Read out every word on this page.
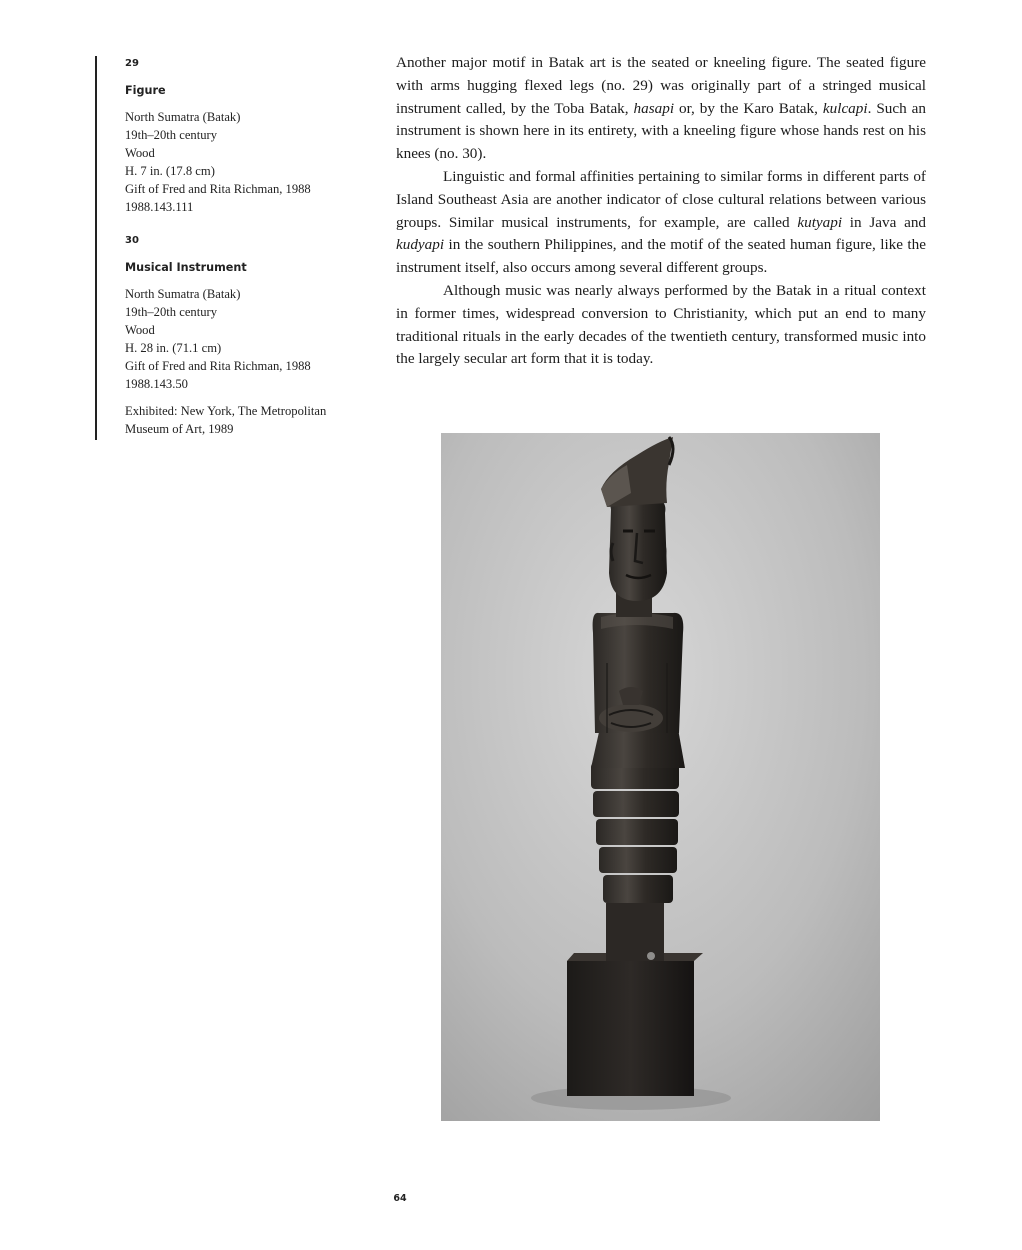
29
Figure
North Sumatra (Batak)
19th–20th century
Wood
H. 7 in. (17.8 cm)
Gift of Fred and Rita Richman, 1988
1988.143.111
30
Musical Instrument
North Sumatra (Batak)
19th–20th century
Wood
H. 28 in. (71.1 cm)
Gift of Fred and Rita Richman, 1988
1988.143.50
Exhibited: New York, The Metropolitan
Museum of Art, 1989

Another major motif in Batak art is the seated or kneeling figure. The seated figure with arms hugging flexed legs (no. 29) was originally part of a stringed musical instrument called, by the Toba Batak, hasapi or, by the Karo Batak, kulcapi. Such an instrument is shown here in its entirety, with a kneeling figure whose hands rest on his knees (no. 30).

Linguistic and formal affinities pertaining to similar forms in different parts of Island Southeast Asia are another indicator of close cultural relations between various groups. Similar musical instruments, for example, are called kutyapi in Java and kudyapi in the southern Philippines, and the motif of the seated human figure, like the instrument itself, also occurs among several different groups.

Although music was nearly always performed by the Batak in a ritual context in former times, widespread conversion to Christianity, which put an end to many traditional rituals in the early decades of the twentieth century, transformed music into the largely secular art form that it is today.

64
